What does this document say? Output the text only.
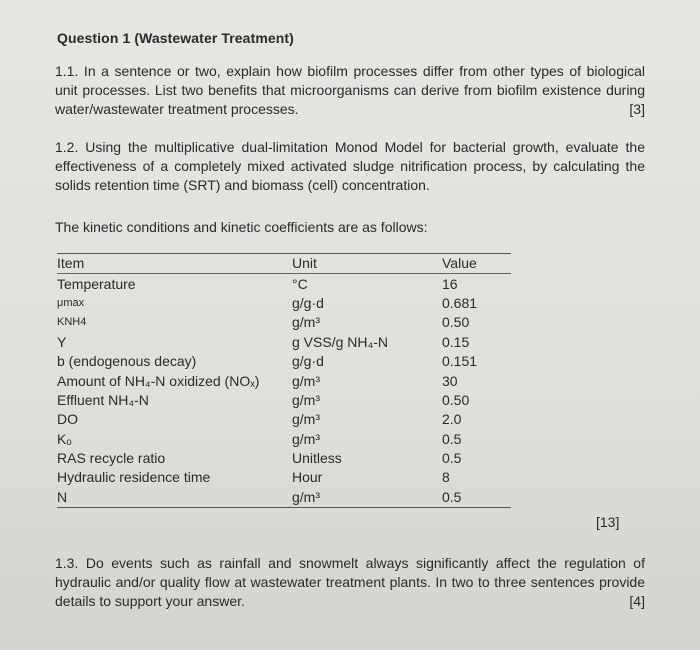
Question 1 (Wastewater Treatment)
1.1. In a sentence or two, explain how biofilm processes differ from other types of biological unit processes. List two benefits that microorganisms can derive from biofilm existence during water/wastewater treatment processes.	[3]
1.2. Using the multiplicative dual-limitation Monod Model for bacterial growth, evaluate the effectiveness of a completely mixed activated sludge nitrification process, by calculating the solids retention time (SRT) and biomass (cell) concentration.
The kinetic conditions and kinetic coefficients are as follows:
Item	Unit	Value
Temperature	°C	16
μmax	g/g·d	0.681
KNH4	g/m³	0.50
Y	g VSS/g NH₄-N	0.15
b (endogenous decay)	g/g·d	0.151
Amount of NH₄-N oxidized (NOₓ)	g/m³	30
Effluent NH₄-N	g/m³	0.50
DO	g/m³	2.0
Kₒ	g/m³	0.5
RAS recycle ratio	Unitless	0.5
Hydraulic residence time	Hour	8
N	g/m³	0.5
[13]
1.3. Do events such as rainfall and snowmelt always significantly affect the regulation of hydraulic and/or quality flow at wastewater treatment plants. In two to three sentences provide details to support your answer.	[4]
